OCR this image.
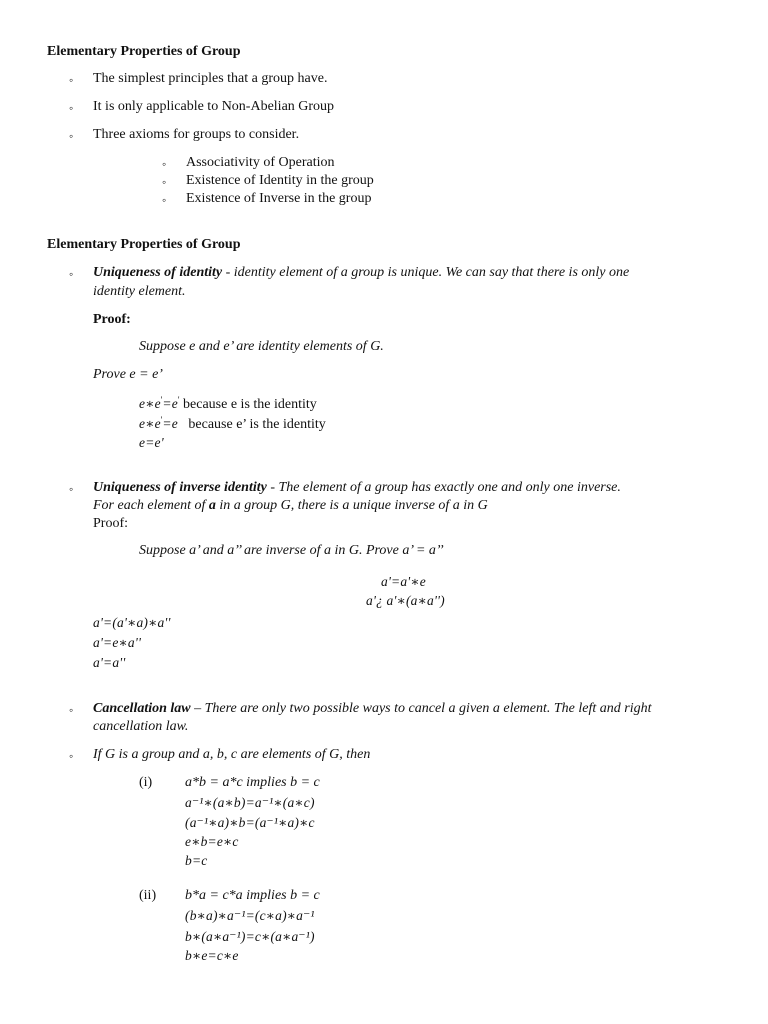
Elementary Properties of Group
◦ The simplest principles that a group have.
◦ It is only applicable to Non-Abelian Group
◦ Three axioms for groups to consider.
◦ Associativity of Operation
◦ Existence of Identity in the group
◦ Existence of Inverse in the group
Elementary Properties of Group
◦ Uniqueness of identity - identity element of a group is unique. We can say that there is only one
identity element.
Proof:
Suppose e and e’ are identity elements of G.
Prove e = e’
e∗e'=e' because e is the identity
e∗e'=e because e’ is the identity
e=e'
◦ Uniqueness of inverse identity - The element of a group has exactly one and only one inverse.
For each element of a in a group G, there is a unique inverse of a in G
Proof:
Suppose a’ and a’’ are inverse of a in G. Prove a’ = a’’
a'=a'∗e
a'¿ a'∗(a∗a'')
a'=(a'∗a)∗a''
a'=e∗a''
a'=a''
◦ Cancellation law – There are only two possible ways to cancel a given a element. The left and right
cancellation law.
◦ If G is a group and a, b, c are elements of G, then
(i) a*b = a*c implies b = c
a⁻¹∗(a∗b)=a⁻¹∗(a∗c)
(a⁻¹∗a)∗b=(a⁻¹∗a)∗c
e∗b=e∗c
b=c
(ii) b*a = c*a implies b = c
(b∗a)∗a⁻¹=(c∗a)∗a⁻¹
b∗(a∗a⁻¹)=c∗(a∗a⁻¹)
b∗e=c∗e
